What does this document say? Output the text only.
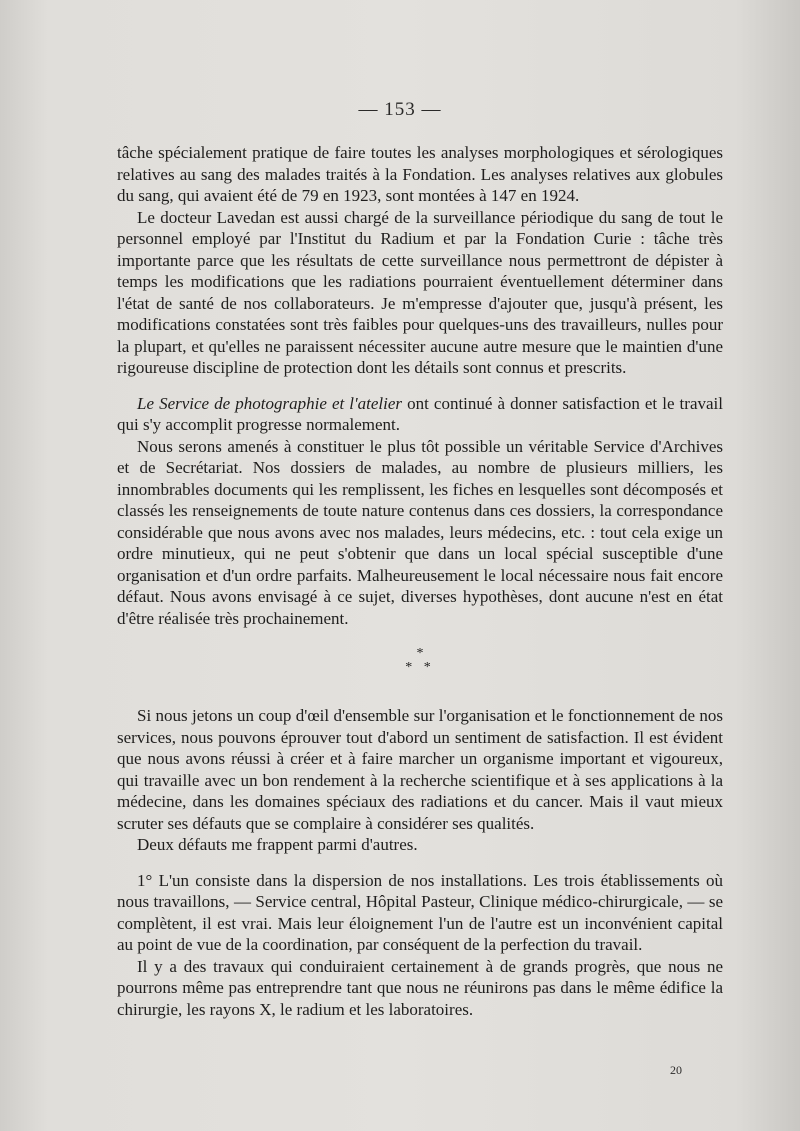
— 153 —

tâche spécialement pratique de faire toutes les analyses morphologiques et sérologiques relatives au sang des malades traités à la Fondation. Les analyses relatives aux globules du sang, qui avaient été de 79 en 1923, sont montées à 147 en 1924.

Le docteur Lavedan est aussi chargé de la surveillance périodique du sang de tout le personnel employé par l'Institut du Radium et par la Fondation Curie : tâche très importante parce que les résultats de cette surveillance nous permettront de dépister à temps les modifications que les radiations pourraient éventuellement déterminer dans l'état de santé de nos collaborateurs. Je m'empresse d'ajouter que, jusqu'à présent, les modifications constatées sont très faibles pour quelques-uns des travailleurs, nulles pour la plupart, et qu'elles ne paraissent nécessiter aucune autre mesure que le maintien d'une rigoureuse discipline de protection dont les détails sont connus et prescrits.

Le Service de photographie et l'atelier ont continué à donner satisfaction et le travail qui s'y accomplit progresse normalement.

Nous serons amenés à constituer le plus tôt possible un véritable Service d'Archives et de Secrétariat. Nos dossiers de malades, au nombre de plusieurs milliers, les innombrables documents qui les remplissent, les fiches en lesquelles sont décomposés et classés les renseignements de toute nature contenus dans ces dossiers, la correspondance considérable que nous avons avec nos malades, leurs médecins, etc. : tout cela exige un ordre minutieux, qui ne peut s'obtenir que dans un local spécial susceptible d'une organisation et d'un ordre parfaits. Malheureusement le local nécessaire nous fait encore défaut. Nous avons envisagé à ce sujet, diverses hypothèses, dont aucune n'est en état d'être réalisée très prochainement.

*
* *

Si nous jetons un coup d'œil d'ensemble sur l'organisation et le fonctionnement de nos services, nous pouvons éprouver tout d'abord un sentiment de satisfaction. Il est évident que nous avons réussi à créer et à faire marcher un organisme important et vigoureux, qui travaille avec un bon rendement à la recherche scientifique et à ses applications à la médecine, dans les domaines spéciaux des radiations et du cancer. Mais il vaut mieux scruter ses défauts que se complaire à considérer ses qualités.

Deux défauts me frappent parmi d'autres.

1° L'un consiste dans la dispersion de nos installations. Les trois établissements où nous travaillons, — Service central, Hôpital Pasteur, Clinique médico-chirurgicale, — se complètent, il est vrai. Mais leur éloignement l'un de l'autre est un inconvénient capital au point de vue de la coordination, par conséquent de la perfection du travail.

Il y a des travaux qui conduiraient certainement à de grands progrès, que nous ne pourrons même pas entreprendre tant que nous ne réunirons pas dans le même édifice la chirurgie, les rayons X, le radium et les laboratoires.

20
